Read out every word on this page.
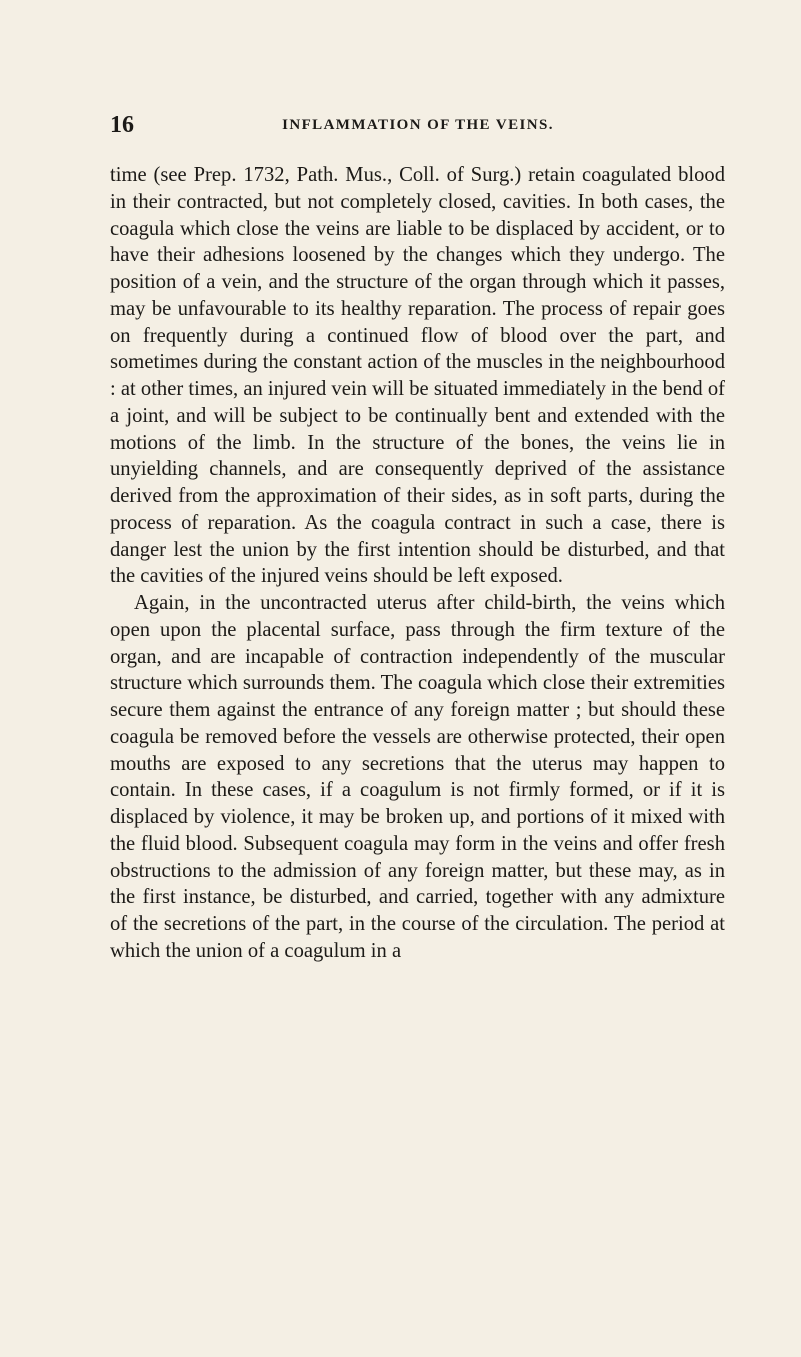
16	INFLAMMATION OF THE VEINS.

time (see Prep. 1732, Path. Mus., Coll. of Surg.) retain coagulated blood in their contracted, but not completely closed, cavities. In both cases, the coagula which close the veins are liable to be displaced by accident, or to have their adhesions loosened by the changes which they undergo. The position of a vein, and the structure of the organ through which it passes, may be unfavourable to its healthy reparation. The process of repair goes on frequently during a continued flow of blood over the part, and sometimes during the constant action of the muscles in the neighbourhood : at other times, an injured vein will be situated immediately in the bend of a joint, and will be subject to be continually bent and extended with the motions of the limb. In the structure of the bones, the veins lie in unyielding channels, and are consequently deprived of the assistance derived from the approximation of their sides, as in soft parts, during the process of reparation. As the coagula contract in such a case, there is danger lest the union by the first intention should be disturbed, and that the cavities of the injured veins should be left exposed.

Again, in the uncontracted uterus after child-birth, the veins which open upon the placental surface, pass through the firm texture of the organ, and are incapable of contraction independently of the muscular structure which surrounds them. The coagula which close their extremities secure them against the entrance of any foreign matter ; but should these coagula be removed before the vessels are otherwise protected, their open mouths are exposed to any secretions that the uterus may happen to contain. In these cases, if a coagulum is not firmly formed, or if it is displaced by violence, it may be broken up, and portions of it mixed with the fluid blood. Subsequent coagula may form in the veins and offer fresh obstructions to the admission of any foreign matter, but these may, as in the first instance, be disturbed, and carried, together with any admixture of the secretions of the part, in the course of the circulation. The period at which the union of a coagulum in a
